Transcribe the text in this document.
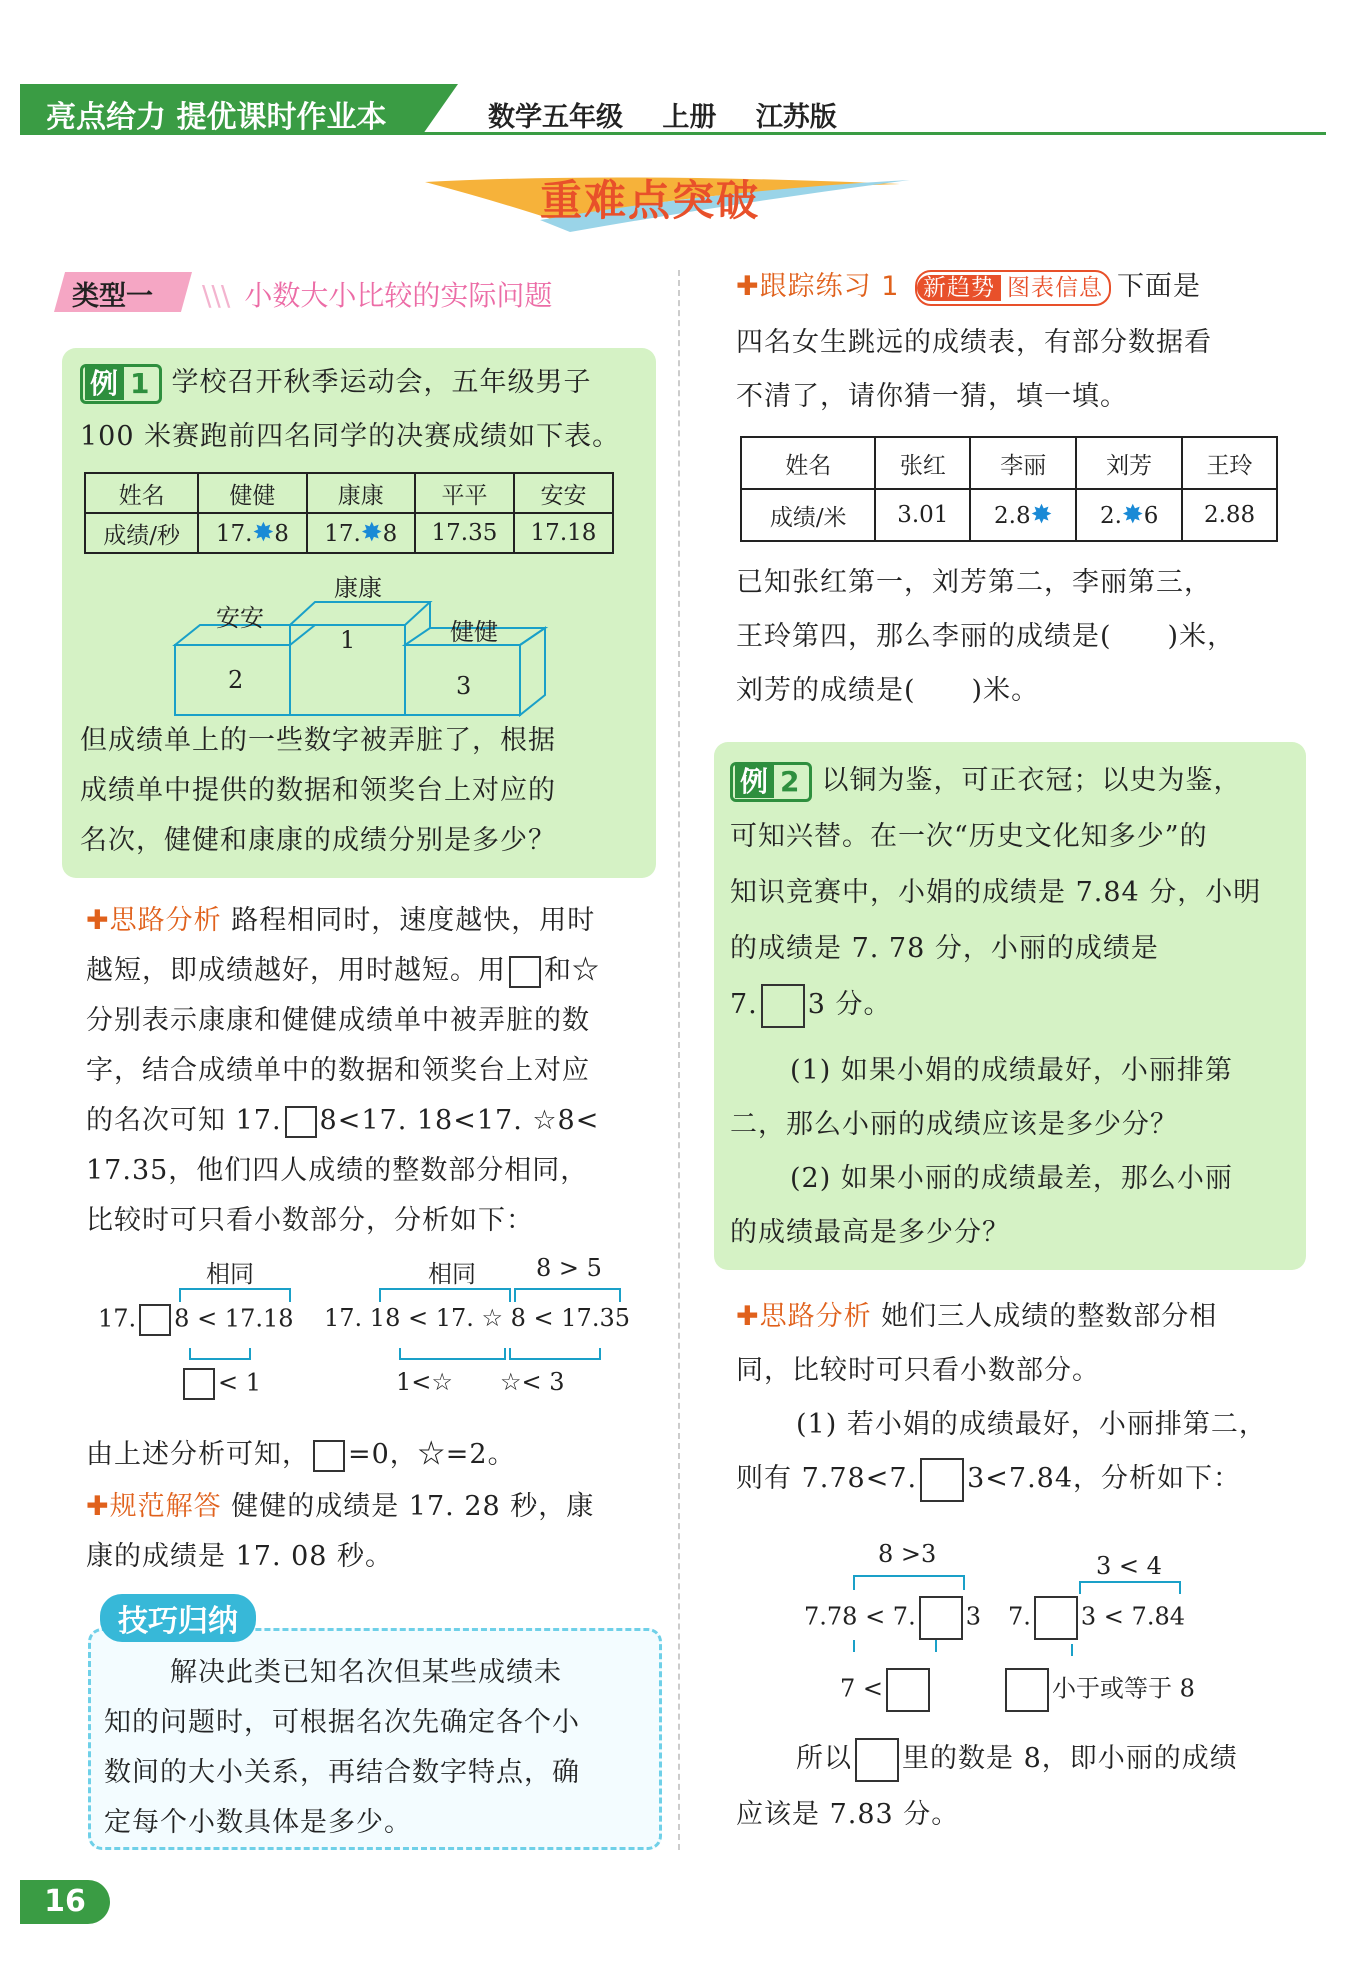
亮点给力 提优课时作业本	数学五年级 上册 江苏版
重难点突破
类型一 \\\ 小数大小比较的实际问题
例 1 学校召开秋季运动会，五年级男子
100 米赛跑前四名同学的决赛成绩如下表。
姓名	健健	康康	平平	安安
成绩/秒	17.✸8	17.✸8	17.35	17.18
康康
安安	健健
1
2	3
但成绩单上的一些数字被弄脏了，根据
成绩单中提供的数据和领奖台上对应的
名次，健健和康康的成绩分别是多少？
✚思路分析 路程相同时，速度越快，用时
越短，即成绩越好，用时越短。用 和☆
分别表示康康和健健成绩单中被弄脏的数
字，结合成绩单中的数据和领奖台上对应
的名次可知 17. 8<17. 18<17. ☆8<
17.35，他们四人成绩的整数部分相同，
比较时可只看小数部分，分析如下：
相同
17. 8 < 17.18
< 1
相同	8 > 5
17. 18 < 17. ☆ 8 < 17.35
1<☆ ☆< 3
由上述分析可知， =0，☆=2。
✚规范解答 健健的成绩是 17. 28 秒，康
康的成绩是 17. 08 秒。
技巧归纳
解决此类已知名次但某些成绩未
知的问题时，可根据名次先确定各个小
数间的大小关系，再结合数字特点，确
定每个小数具体是多少。
✚跟踪练习 1 新趋势 图表信息 下面是
四名女生跳远的成绩表，有部分数据看
不清了，请你猜一猜，填一填。
姓名	张红	李丽	刘芳	王玲
成绩/米	3.01	2.8✸	2.✸6	2.88
已知张红第一，刘芳第二，李丽第三，
王玲第四，那么李丽的成绩是(　　)米，
刘芳的成绩是(　　)米。
例 2 以铜为鉴，可正衣冠；以史为鉴，
可知兴替。在一次“历史文化知多少”的
知识竞赛中，小娟的成绩是 7.84 分，小明
的成绩是 7. 78 分，小丽的成绩是
7. 3 分。
(1) 如果小娟的成绩最好，小丽排第
二，那么小丽的成绩应该是多少分？
(2) 如果小丽的成绩最差，那么小丽
的成绩最高是多少分？
✚思路分析 她们三人成绩的整数部分相
同，比较时可只看小数部分。
(1) 若小娟的成绩最好，小丽排第二，
则有 7.78<7. 3<7.84，分析如下：
8 >3
7.78 < 7. 3
7 <
3 < 4
7. 3 < 7.84
小于或等于 8
所以 里的数是 8，即小丽的成绩
应该是 7.83 分。
16
